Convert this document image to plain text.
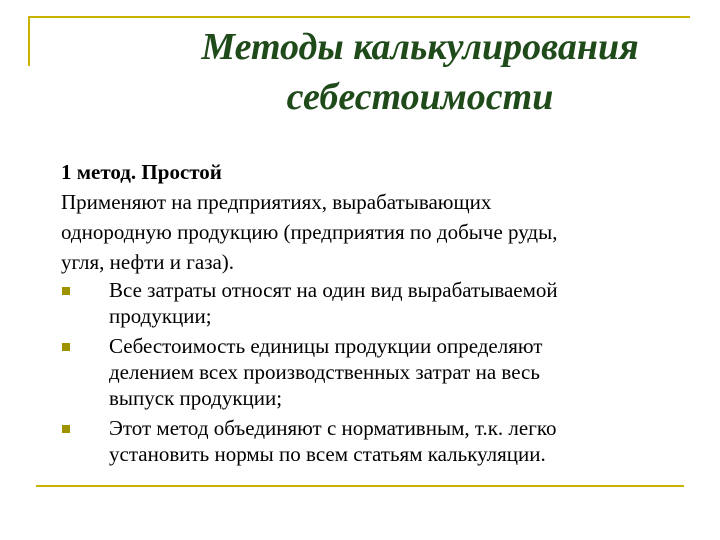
Методы калькулирования
себестоимости

1 метод. Простой

Применяют на предприятиях, вырабатывающих

однородную продукцию (предприятия по добыче руды,

угля, нефти и газа).

Все затраты относят на один вид вырабатываемой
продукции;
Себестоимость единицы продукции определяют
делением всех производственных затрат на весь
выпуск продукции;
Этот метод объединяют с нормативным, т.к. легко
установить нормы по всем статьям калькуляции.
